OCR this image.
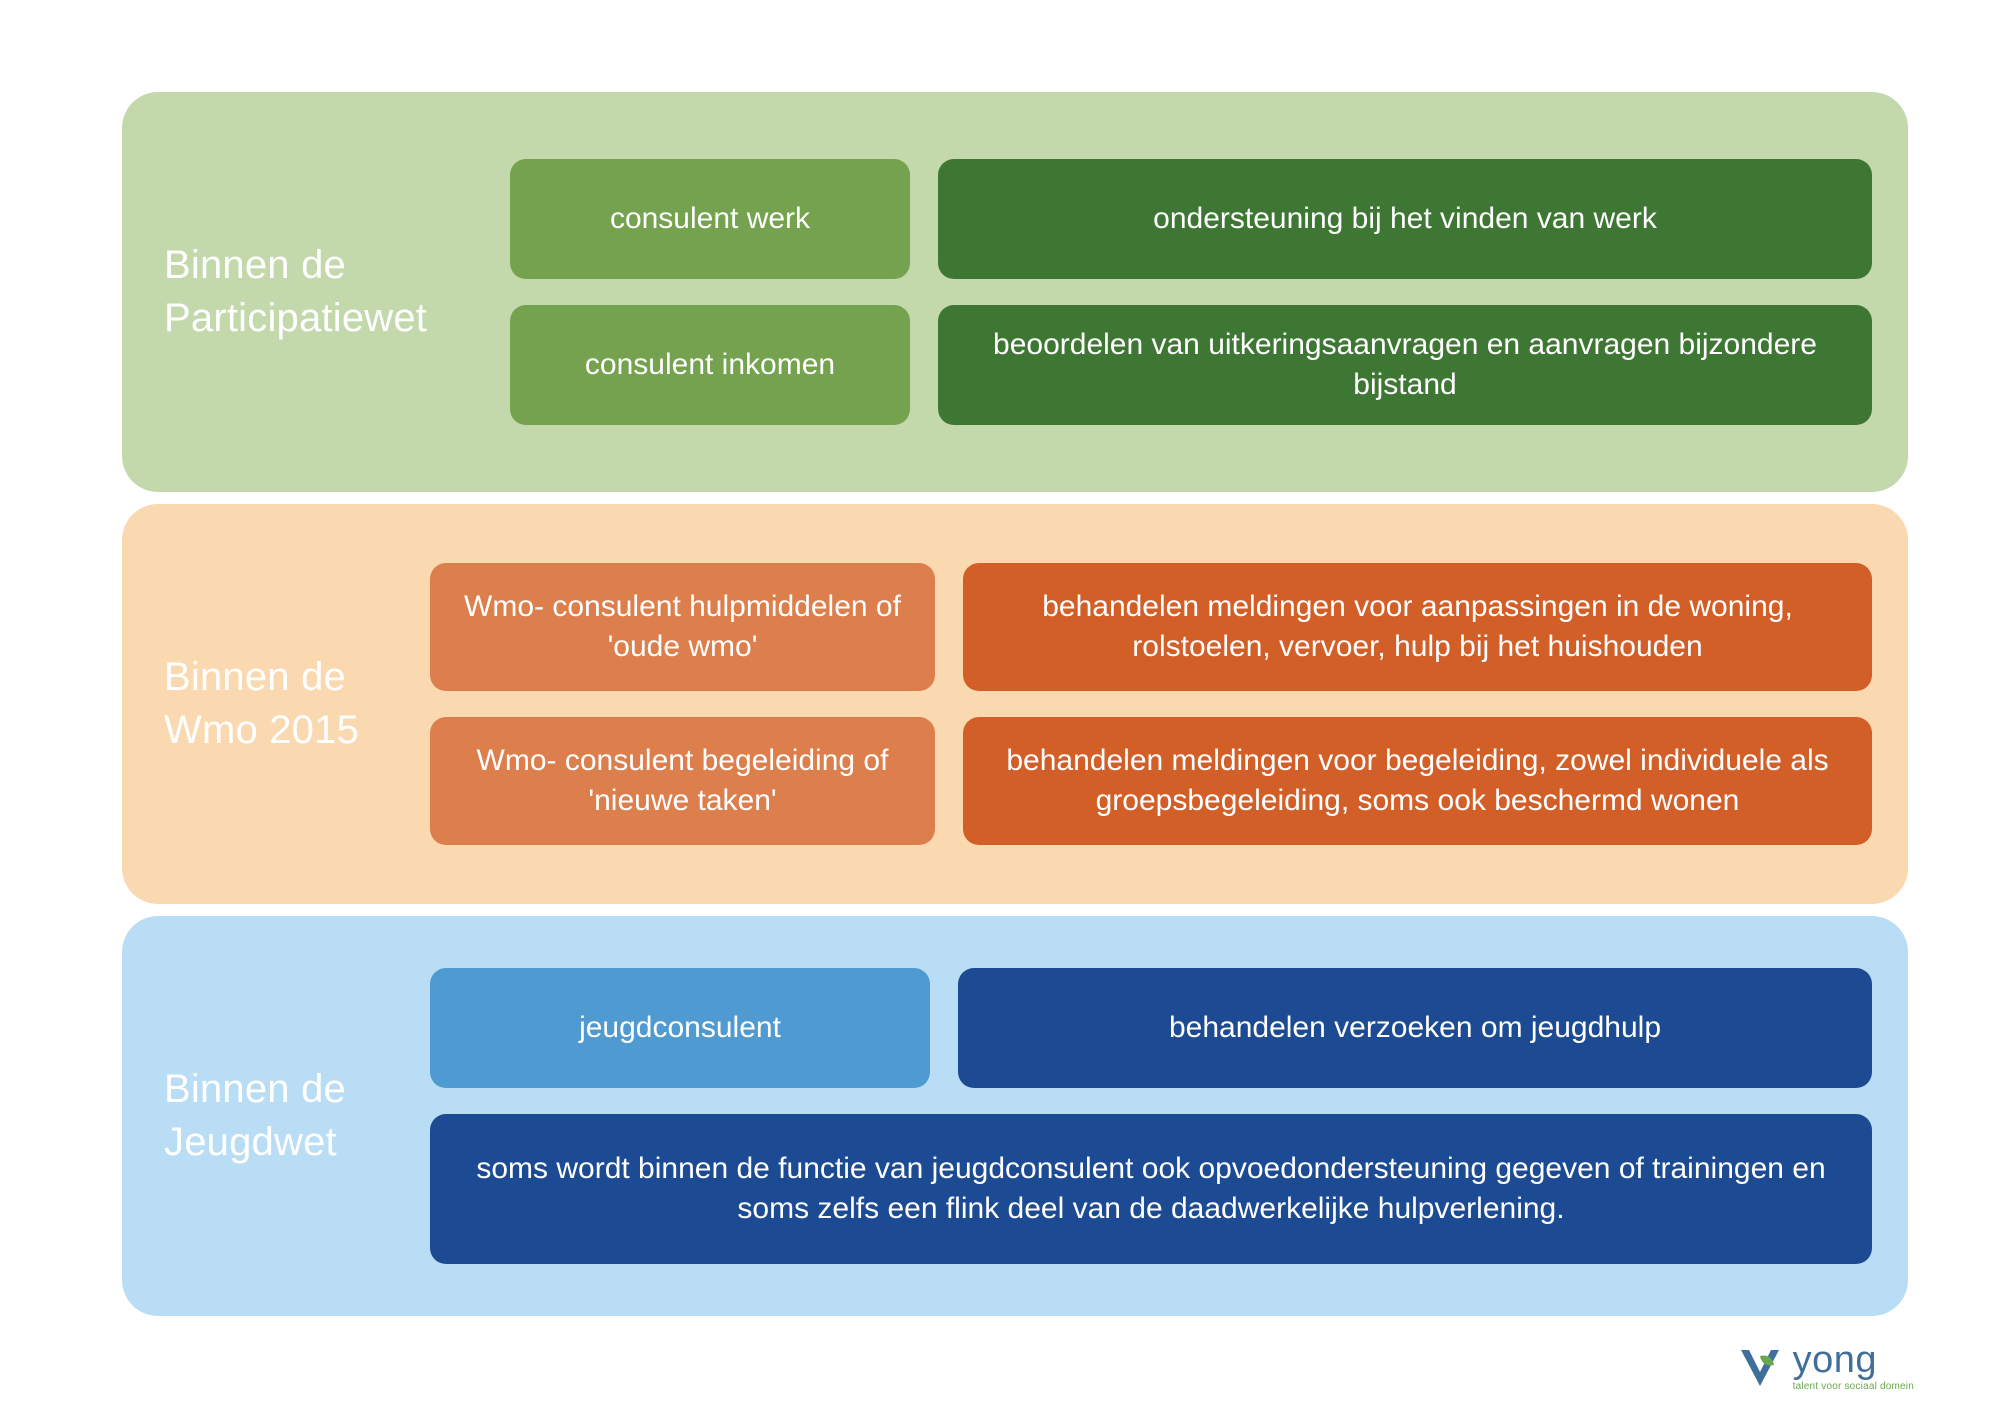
Binnen de Participatiewet
consulent werk	ondersteuning bij het vinden van werk
consulent inkomen
beoordelen van uitkeringsaanvragen en aanvragen bijzondere bijstand
Binnen de Wmo 2015
Wmo- consulent hulpmiddelen of 'oude wmo'
behandelen meldingen voor aanpassingen in de woning, rolstoelen, vervoer, hulp bij het huishouden
Wmo- consulent begeleiding of 'nieuwe taken'
behandelen meldingen voor begeleiding, zowel individuele als groepsbegeleiding, soms ook beschermd wonen
Binnen de Jeugdwet
jeugdconsulent	behandelen verzoeken om jeugdhulp
soms wordt binnen de functie van jeugdconsulent ook opvoedondersteuning gegeven of trainingen en soms zelfs een flink deel van de daadwerkelijke hulpverlening.
yong
talent voor sociaal domein
